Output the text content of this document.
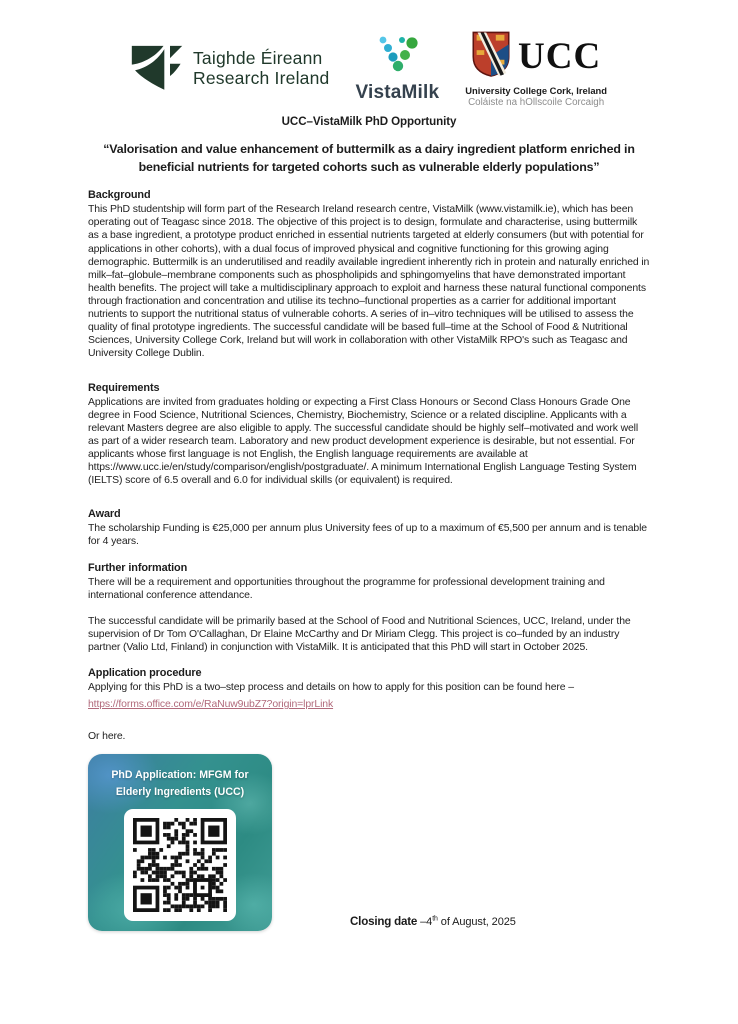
Taighde Éireann
Research Ireland
VistaMilk
UCC
University College Cork, Ireland
Coláiste na hOllscoile Corcaigh
UCC–VistaMilk PhD Opportunity
“Valorisation and value enhancement of buttermilk as a dairy ingredient platform enriched in beneficial nutrients for targeted cohorts such as vulnerable elderly populations”
Background

This PhD studentship will form part of the Research Ireland research centre, VistaMilk (www.vistamilk.ie), which has been operating out of Teagasc since 2018. The objective of this project is to design, formulate and characterise, using buttermilk as a base ingredient, a prototype product enriched in essential nutrients targeted at elderly consumers (but with potential for applications in other cohorts), with a dual focus of improved physical and cognitive functioning for this growing aging demographic. Buttermilk is an underutilised and readily available ingredient inherently rich in protein and naturally enriched in milk–fat–globule–membrane components such as phospholipids and sphingomyelins that have demonstrated important health benefits. The project will take a multidisciplinary approach to exploit and harness these natural functional components through fractionation and concentration and utilise its techno–functional properties as a carrier for additional important nutrients to support the nutritional status of vulnerable cohorts. A series of in–vitro techniques will be utilised to assess the quality of final prototype ingredients. The successful candidate will be based full–time at the School of Food & Nutritional Sciences, University College Cork, Ireland but will work in collaboration with other VistaMilk RPO's such as Teagasc and University College Dublin.

Requirements

Applications are invited from graduates holding or expecting a First Class Honours or Second Class Honours Grade One degree in Food Science, Nutritional Sciences, Chemistry, Biochemistry, Science or a related discipline. Applicants with a relevant Masters degree are also eligible to apply. The successful candidate should be highly self–motivated and work well as part of a wider research team. Laboratory and new product development experience is desirable, but not essential. For applicants whose first language is not English, the English language requirements are available at https://www.ucc.ie/en/study/comparison/english/postgraduate/. A minimum International English Language Testing System (IELTS) score of 6.5 overall and 6.0 for individual skills (or equivalent) is required.

Award

The scholarship Funding is €25,000 per annum plus University fees of up to a maximum of €5,500 per annum and is tenable for 4 years.

Further information

There will be a requirement and opportunities throughout the programme for professional development training and international conference attendance.

The successful candidate will be primarily based at the School of Food and Nutritional Sciences, UCC, Ireland, under the supervision of Dr Tom O'Callaghan, Dr Elaine McCarthy and Dr Miriam Clegg. This project is co–funded by an industry partner (Valio Ltd, Finland) in conjunction with VistaMilk. It is anticipated that this PhD will start in October 2025.

Application procedure

Applying for this PhD is a two–step process and details on how to apply for this position can be found here –

https://forms.office.com/e/RaNuw9ubZ7?origin=lprLink

Or here.

PhD Application: MFGM for Elderly Ingredients (UCC)
Closing date –4th of August, 2025
